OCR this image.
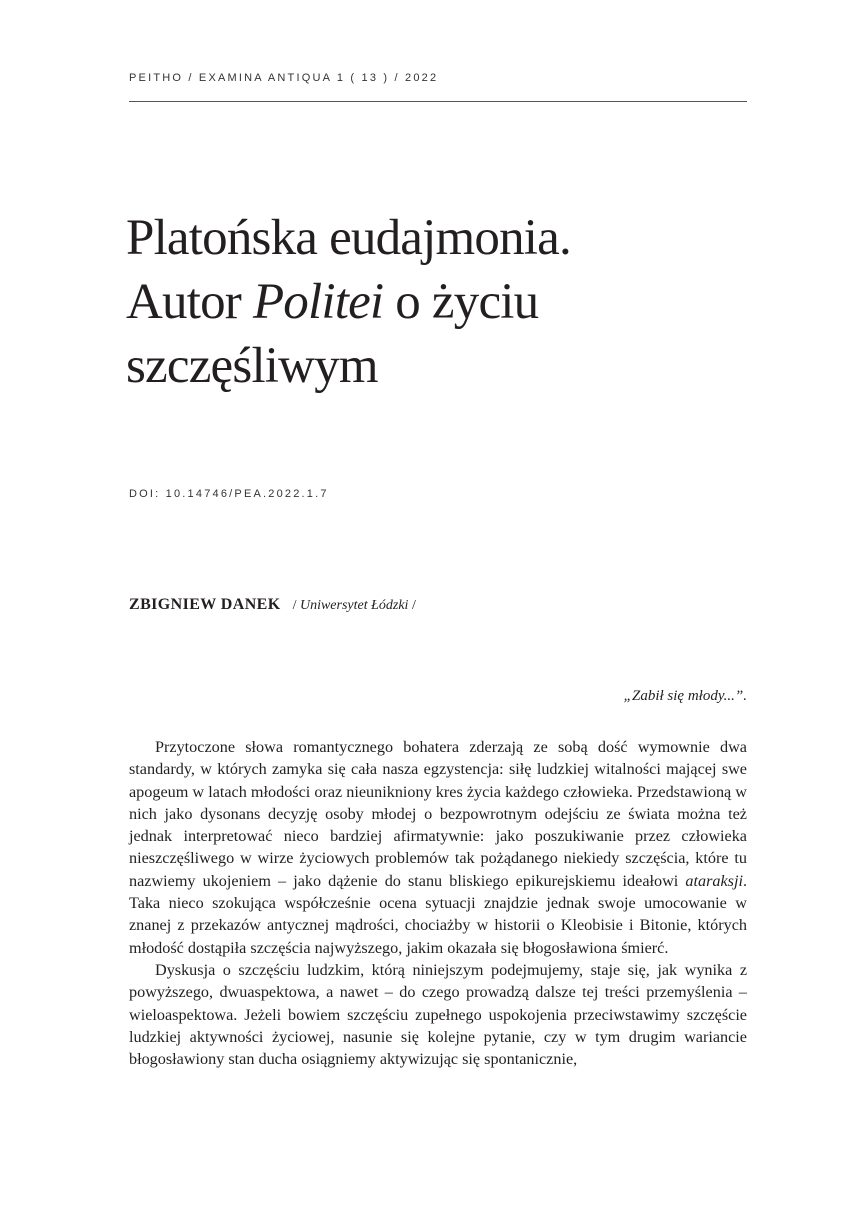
PEITHO / EXAMINA ANTIQUA 1 ( 13 ) / 2022
Platońska eudajmonia.
Autor Politei o życiu
szczęśliwym
DOI: 10.14746/PEA.2022.1.7
ZBIGNIEW DANEK / Uniwersytet Łódzki /
„Zabił się młody...”.

Przytoczone słowa romantycznego bohatera zderzają ze sobą dość wymownie dwa standardy, w których zamyka się cała nasza egzystencja: siłę ludzkiej witalności mającej swe apogeum w latach młodości oraz nieunikniony kres życia każdego człowieka. Przedstawioną w nich jako dysonans decyzję osoby młodej o bezpowrotnym odejściu ze świata można też jednak interpretować nieco bardziej afirmatywnie: jako poszukiwanie przez człowieka nieszczęśliwego w wirze życiowych problemów tak pożądanego niekiedy szczęścia, które tu nazwiemy ukojeniem – jako dążenie do stanu bliskiego epikurejskiemu ideałowi ataraksji. Taka nieco szokująca współcześnie ocena sytuacji znajdzie jednak swoje umocowanie w znanej z przekazów antycznej mądrości, chociażby w historii o Kleobisie i Bitonie, których młodość dostąpiła szczęścia najwyższego, jakim okazała się błogosławiona śmierć.

Dyskusja o szczęściu ludzkim, którą niniejszym podejmujemy, staje się, jak wynika z powyższego, dwuaspektowa, a nawet – do czego prowadzą dalsze tej treści przemyślenia – wieloaspektowa. Jeżeli bowiem szczęściu zupełnego uspokojenia przeciwstawimy szczęście ludzkiej aktywności życiowej, nasunie się kolejne pytanie, czy w tym drugim wariancie błogosławiony stan ducha osiągniemy aktywizując się spontanicznie,
